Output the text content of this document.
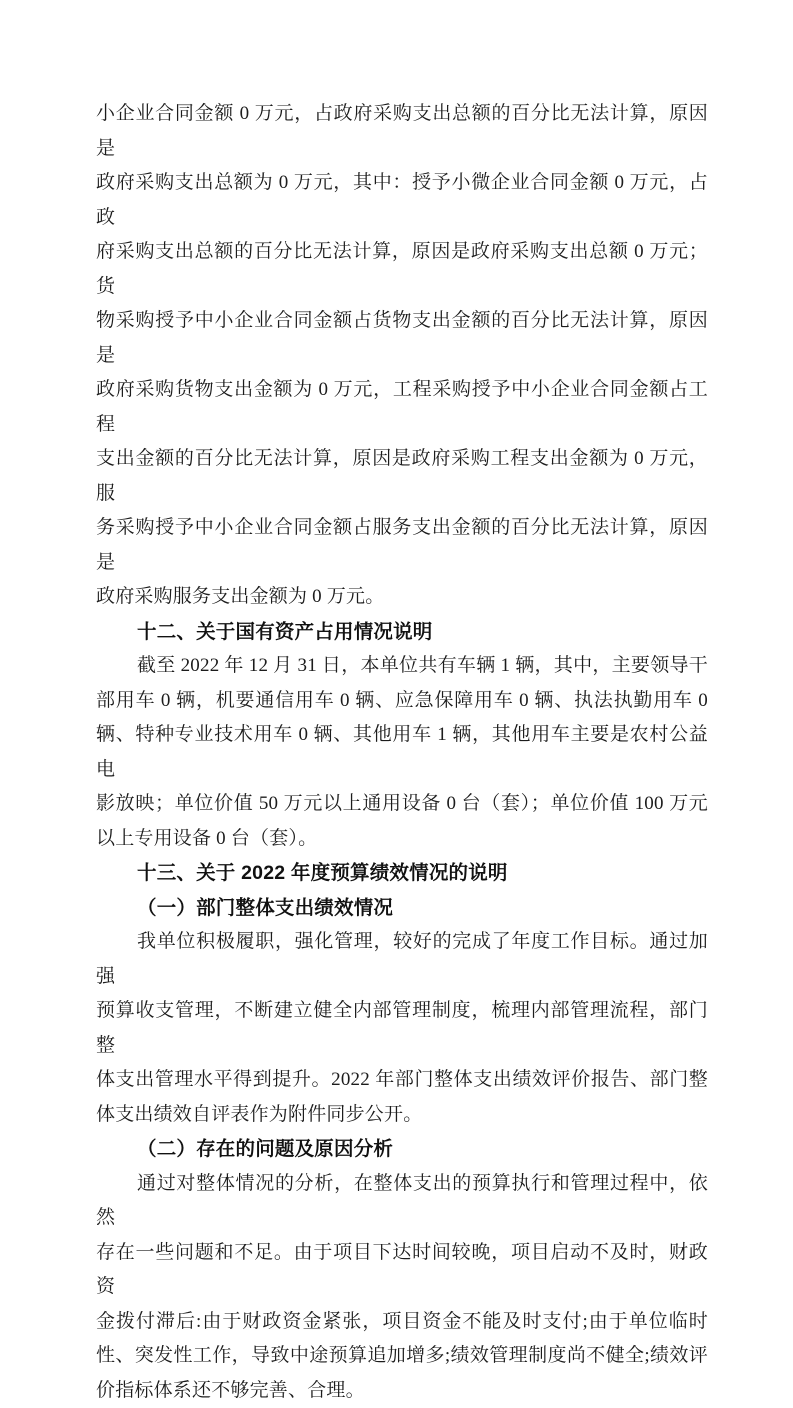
小企业合同金额 0 万元，占政府采购支出总额的百分比无法计算，原因是
政府采购支出总额为 0 万元，其中：授予小微企业合同金额 0 万元，占政
府采购支出总额的百分比无法计算，原因是政府采购支出总额 0 万元；货
物采购授予中小企业合同金额占货物支出金额的百分比无法计算，原因是
政府采购货物支出金额为 0 万元，工程采购授予中小企业合同金额占工程
支出金额的百分比无法计算，原因是政府采购工程支出金额为 0 万元，服
务采购授予中小企业合同金额占服务支出金额的百分比无法计算，原因是
政府采购服务支出金额为 0 万元。
十二、关于国有资产占用情况说明
截至 2022 年 12 月 31 日，本单位共有车辆 1 辆，其中，主要领导干
部用车 0 辆，机要通信用车 0 辆、应急保障用车 0 辆、执法执勤用车 0
辆、特种专业技术用车 0 辆、其他用车 1 辆，其他用车主要是农村公益电
影放映；单位价值 50 万元以上通用设备 0 台（套）；单位价值 100 万元
以上专用设备 0 台（套）。
十三、关于 2022 年度预算绩效情况的说明
（一）部门整体支出绩效情况
我单位积极履职，强化管理，较好的完成了年度工作目标。通过加强
预算收支管理，不断建立健全内部管理制度，梳理内部管理流程，部门整
体支出管理水平得到提升。2022 年部门整体支出绩效评价报告、部门整
体支出绩效自评表作为附件同步公开。
（二）存在的问题及原因分析
通过对整体情况的分析，在整体支出的预算执行和管理过程中，依然
存在一些问题和不足。由于项目下达时间较晚，项目启动不及时，财政资
金拨付滞后:由于财政资金紧张，项目资金不能及时支付;由于单位临时
性、突发性工作，导致中途预算追加增多;绩效管理制度尚不健全;绩效评
价指标体系还不够完善、合理。
